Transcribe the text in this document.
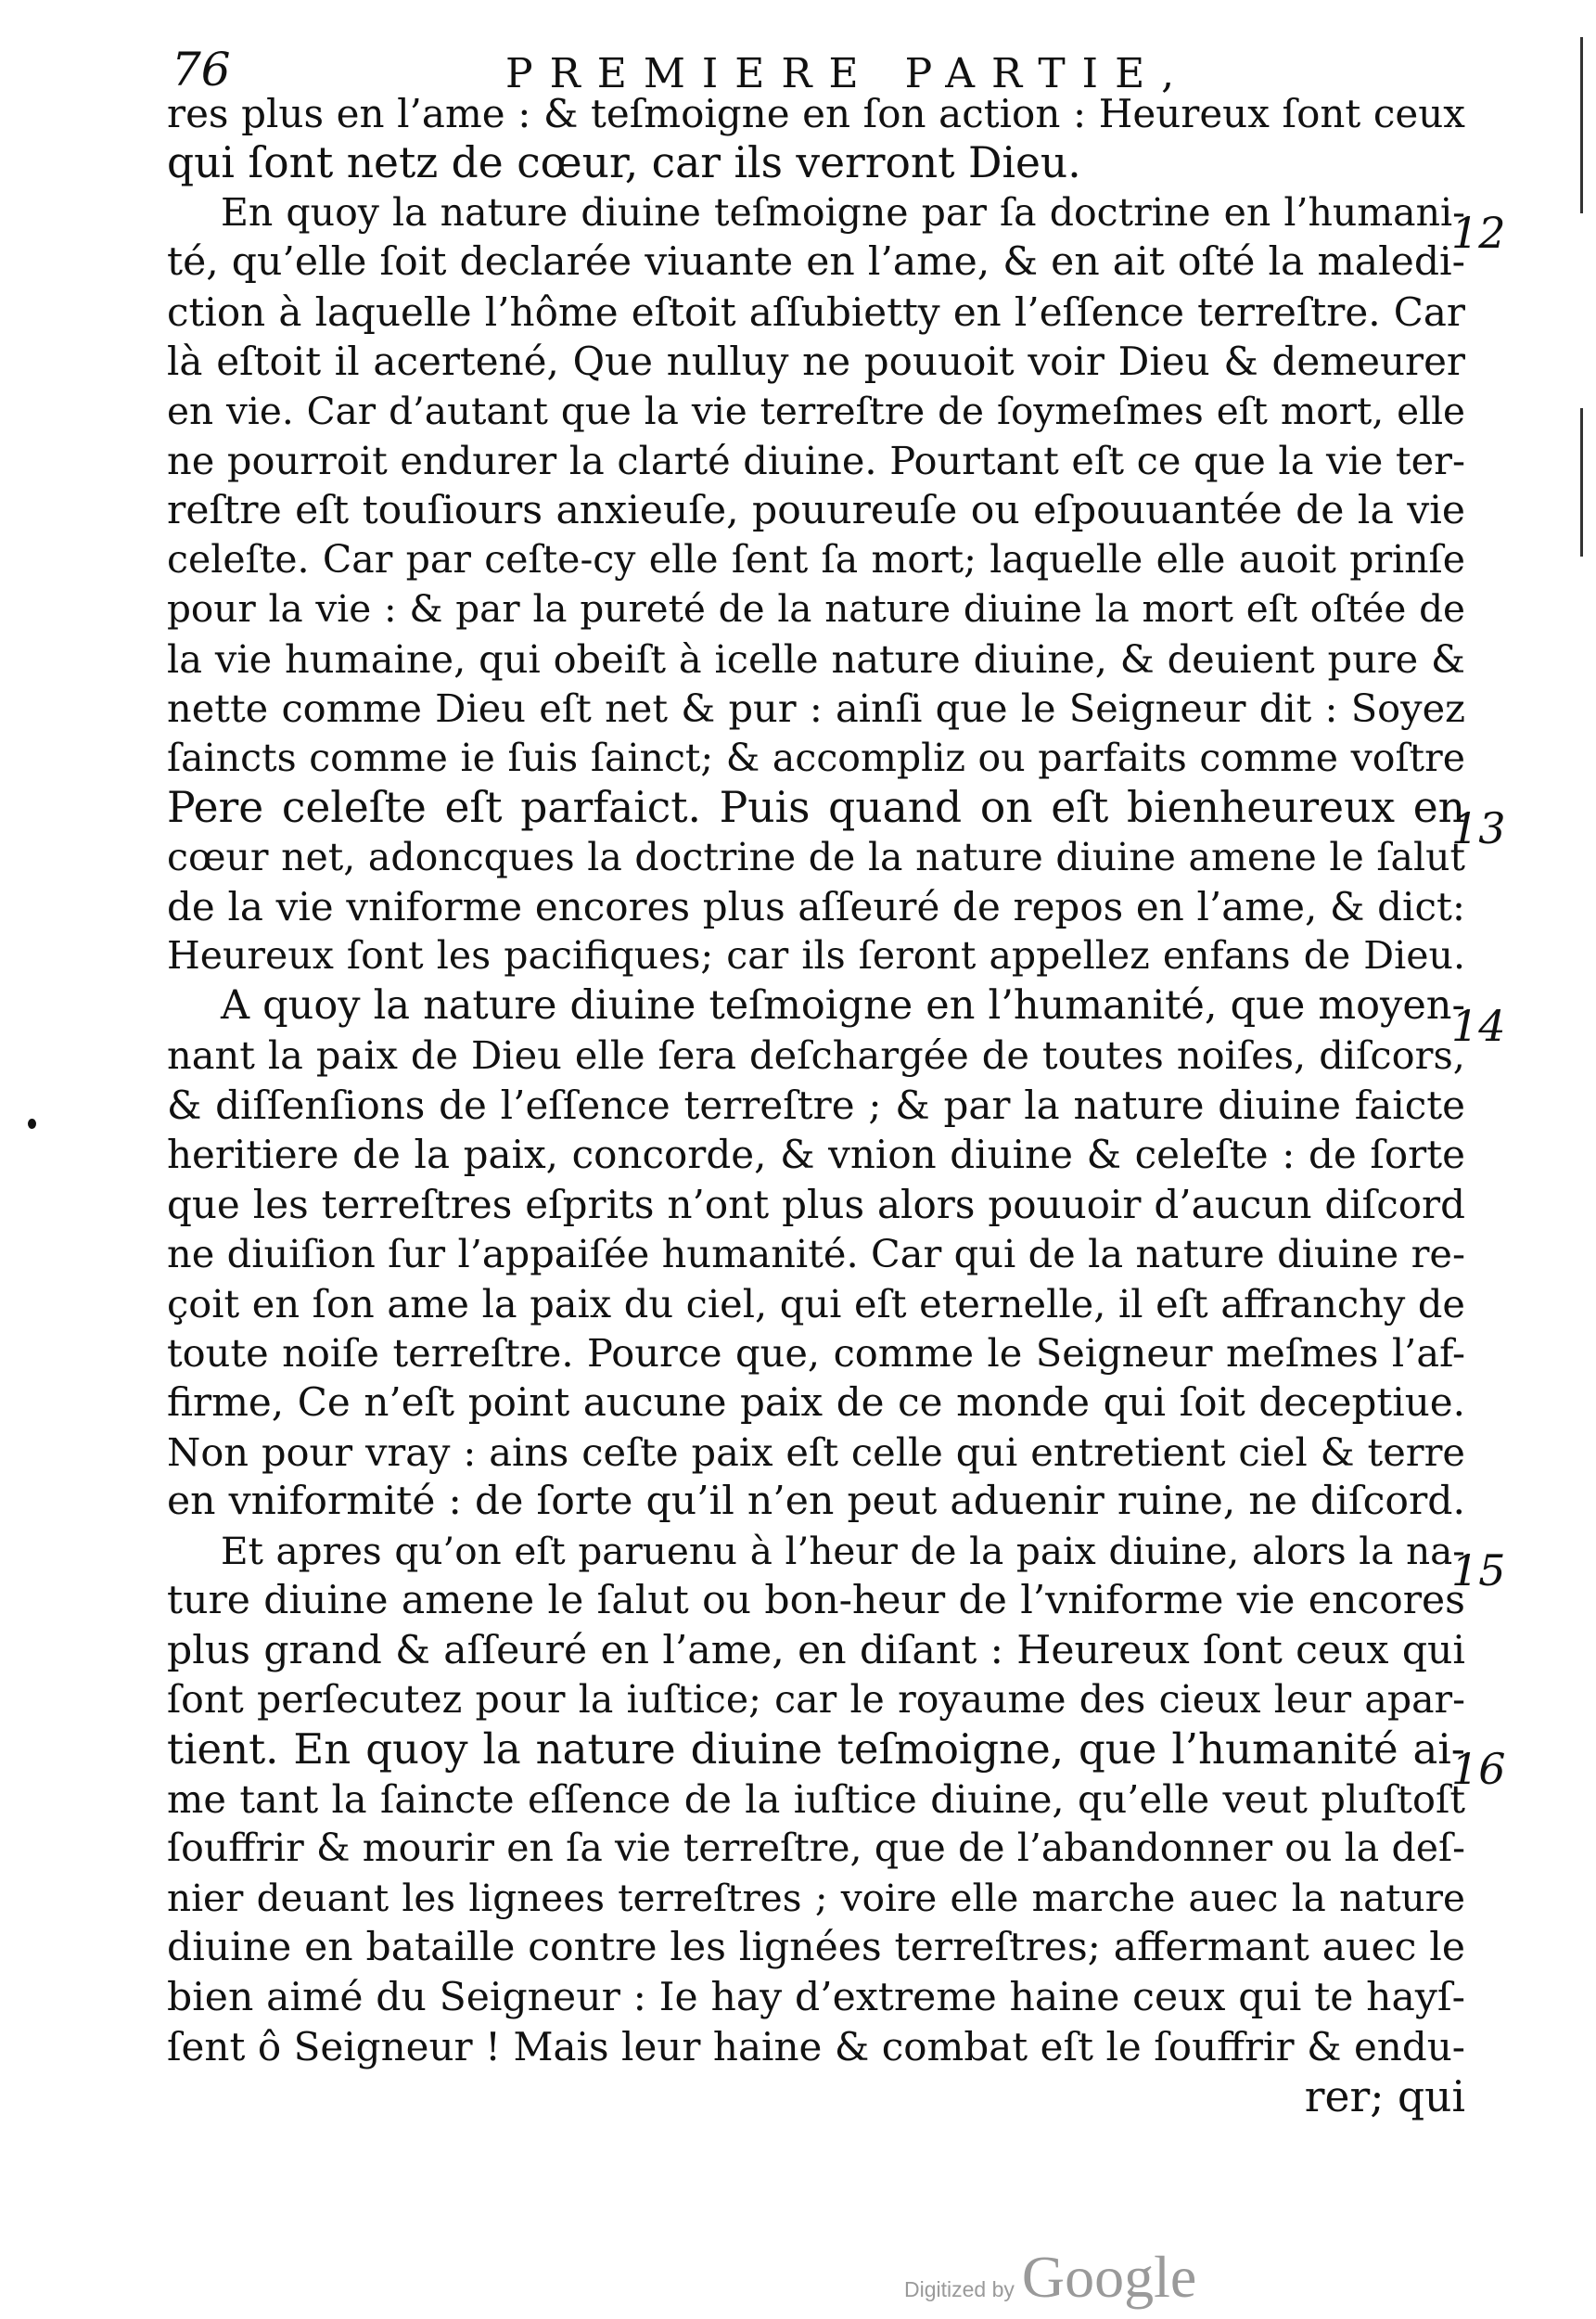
76	PREMIERE PARTIE,
res plus en l’ame : & teſmoigne en ſon action : Heureux ſont ceux
qui ſont netz de cœur, car ils verront Dieu.
En quoy la nature diuine teſmoigne par ſa doctrine en l’humani-
té, qu’elle ſoit declarée viuante en l’ame, & en ait oſté la maledi-
ction à laquelle l’hôme eſtoit aſſubietty en l’eſſence terreſtre. Car
là eſtoit il acertené, Que nulluy ne pouuoit voir Dieu & demeurer
en vie. Car d’autant que la vie terreſtre de ſoymeſmes eſt mort, elle
ne pourroit endurer la clarté diuine. Pourtant eſt ce que la vie ter-
reſtre eſt touſiours anxieuſe, pouureuſe ou eſpouuantée de la vie
celeſte. Car par ceſte-cy elle ſent ſa mort; laquelle elle auoit prinſe
pour la vie : & par la pureté de la nature diuine la mort eſt oſtée de
la vie humaine, qui obeiſt à icelle nature diuine, & deuient pure &
nette comme Dieu eſt net & pur : ainſi que le Seigneur dit : Soyez
ſaincts comme ie ſuis ſainct; & accompliz ou parfaits comme voſtre
Pere celeſte eſt parfaict. Puis quand on eſt bienheureux en
cœur net, adoncques la doctrine de la nature diuine amene le ſalut
de la vie vniforme encores plus aſſeuré de repos en l’ame, & dict:
Heureux ſont les pacifiques; car ils ſeront appellez enfans de Dieu.
A quoy la nature diuine teſmoigne en l’humanité, que moyen-
nant la paix de Dieu elle ſera deſchargée de toutes noiſes, diſcors,
& diſſenſions de l’eſſence terreſtre ; & par la nature diuine faicte
heritiere de la paix, concorde, & vnion diuine & celeſte : de ſorte
que les terreſtres eſprits n’ont plus alors pouuoir d’aucun diſcord
ne diuiſion ſur l’appaiſée humanité. Car qui de la nature diuine re-
çoit en ſon ame la paix du ciel, qui eſt eternelle, il eſt affranchy de
toute noiſe terreſtre. Pource que, comme le Seigneur meſmes l’af-
firme, Ce n’eſt point aucune paix de ce monde qui ſoit deceptiue.
Non pour vray : ains ceſte paix eſt celle qui entretient ciel & terre
en vniformité : de ſorte qu’il n’en peut aduenir ruine, ne diſcord.
Et apres qu’on eſt paruenu à l’heur de la paix diuine, alors la na-
ture diuine amene le ſalut ou bon-heur de l’vniforme vie encores
plus grand & aſſeuré en l’ame, en diſant : Heureux ſont ceux qui
ſont perſecutez pour la iuſtice; car le royaume des cieux leur apar-
tient. En quoy la nature diuine teſmoigne, que l’humanité ai-
me tant la ſaincte eſſence de la iuſtice diuine, qu’elle veut pluſtoſt
ſouffrir & mourir en ſa vie terreſtre, que de l’abandonner ou la deſ-
nier deuant les lignees terreſtres ; voire elle marche auec la nature
diuine en bataille contre les lignées terreſtres; affermant auec le
bien aimé du Seigneur : Ie hay d’extreme haine ceux qui te hayſ-
ſent ô Seigneur ! Mais leur haine & combat eſt le ſouffrir & endu-
rer; qui
12
13
14
15
16
Digitized by Google
